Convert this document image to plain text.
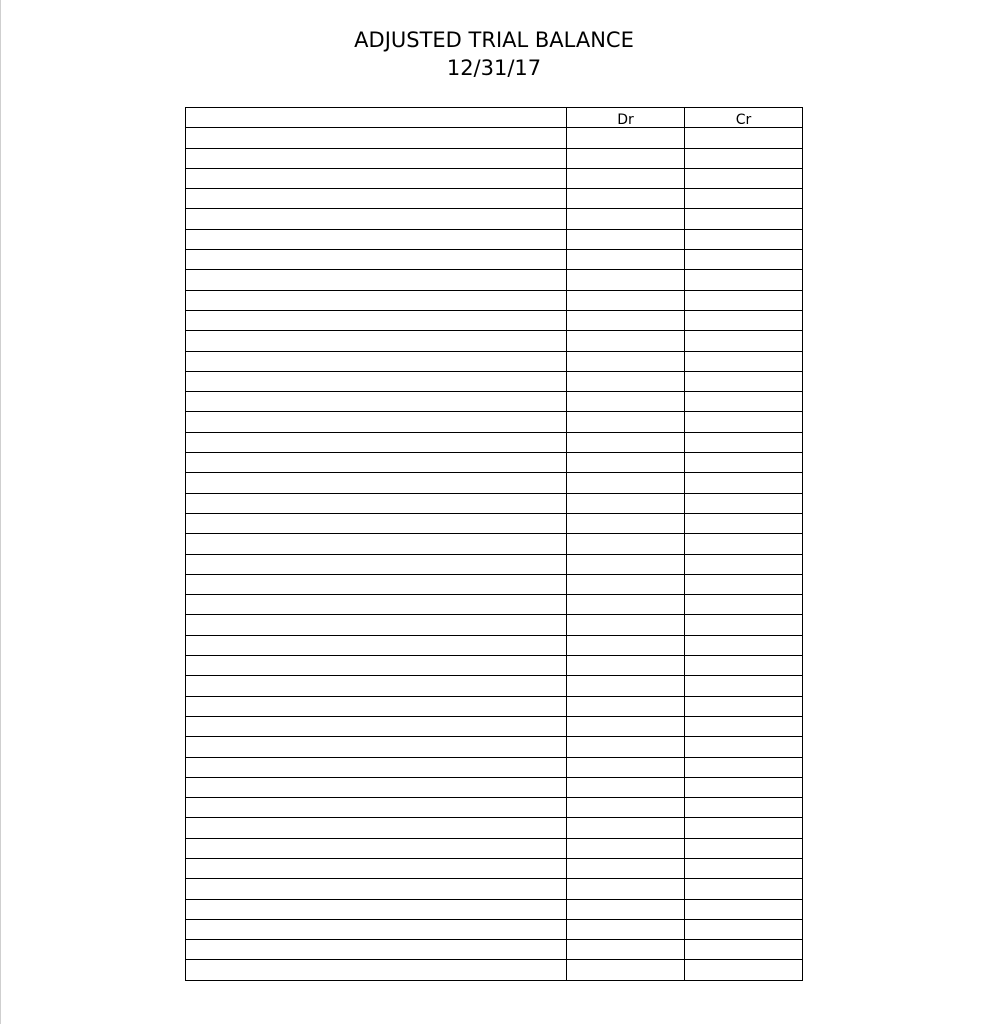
ADJUSTED TRIAL BALANCE
12/31/17
	Dr	Cr
